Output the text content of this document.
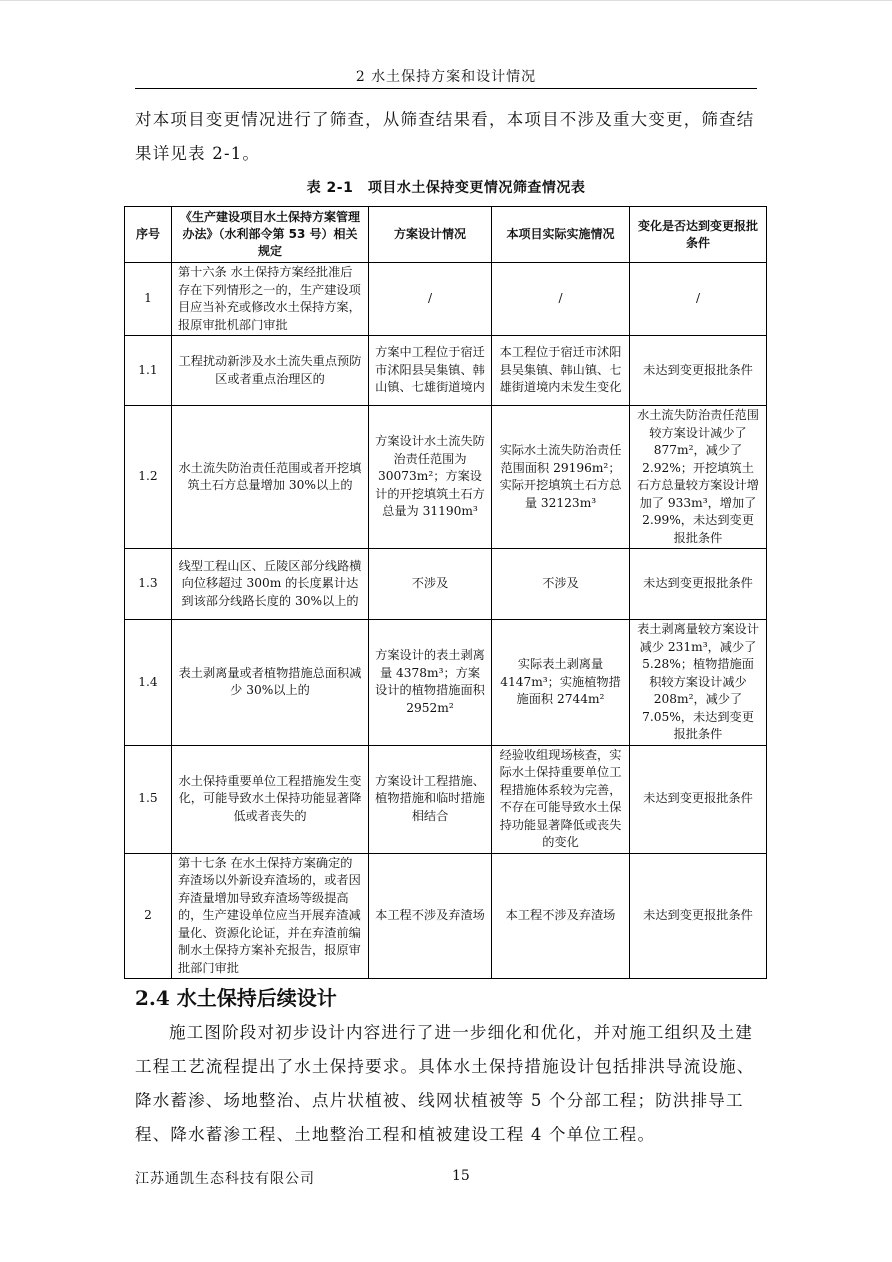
2 水土保持方案和设计情况
对本项目变更情况进行了筛查，从筛查结果看，本项目不涉及重大变更，筛查结果详见表 2-1。
表 2-1　项目水土保持变更情况筛查情况表
序号	《生产建设项目水土保持方案管理办法》（水利部令第 53 号）相关规定	方案设计情况	本项目实际实施情况	变化是否达到变更报批条件
1	第十六条 水土保持方案经批准后存在下列情形之一的，生产建设项目应当补充或修改水土保持方案，报原审批机部门审批	/	/	/
1.1	工程扰动新涉及水土流失重点预防区或者重点治理区的	方案中工程位于宿迁市沭阳县吴集镇、韩山镇、七雄街道境内	本工程位于宿迁市沭阳县吴集镇、韩山镇、七雄街道境内未发生变化	未达到变更报批条件
1.2	水土流失防治责任范围或者开挖填筑土石方总量增加 30%以上的	方案设计水土流失防治责任范围为 30073m²；方案设计的开挖填筑土石方总量为 31190m³	实际水土流失防治责任范围面积 29196m²；实际开挖填筑土石方总量 32123m³	水土流失防治责任范围较方案设计减少了 877m²，减少了 2.92%；开挖填筑土石方总量较方案设计增加了 933m³，增加了 2.99%，未达到变更报批条件
1.3	线型工程山区、丘陵区部分线路横向位移超过 300m 的长度累计达到该部分线路长度的 30%以上的	不涉及	不涉及	未达到变更报批条件
1.4	表土剥离量或者植物措施总面积减少 30%以上的	方案设计的表土剥离量 4378m³；方案设计的植物措施面积 2952m²	实际表土剥离量 4147m³；实施植物措施面积 2744m²	表土剥离量较方案设计减少 231m³，减少了 5.28%；植物措施面积较方案设计减少 208m²，减少了 7.05%，未达到变更报批条件
1.5	水土保持重要单位工程措施发生变化，可能导致水土保持功能显著降低或者丧失的	方案设计工程措施、植物措施和临时措施相结合	经验收组现场核查，实际水土保持重要单位工程措施体系较为完善，不存在可能导致水土保持功能显著降低或丧失的变化	未达到变更报批条件
2	第十七条 在水土保持方案确定的弃渣场以外新设弃渣场的，或者因弃渣量增加导致弃渣场等级提高的，生产建设单位应当开展弃渣减量化、资源化论证，并在弃渣前编制水土保持方案补充报告，报原审批部门审批	本工程不涉及弃渣场	本工程不涉及弃渣场	未达到变更报批条件
2.4 水土保持后续设计
施工图阶段对初步设计内容进行了进一步细化和优化，并对施工组织及土建工程工艺流程提出了水土保持要求。具体水土保持措施设计包括排洪导流设施、降水蓄渗、场地整治、点片状植被、线网状植被等 5 个分部工程；防洪排导工程、降水蓄渗工程、土地整治工程和植被建设工程 4 个单位工程。
江苏通凯生态科技有限公司	15
